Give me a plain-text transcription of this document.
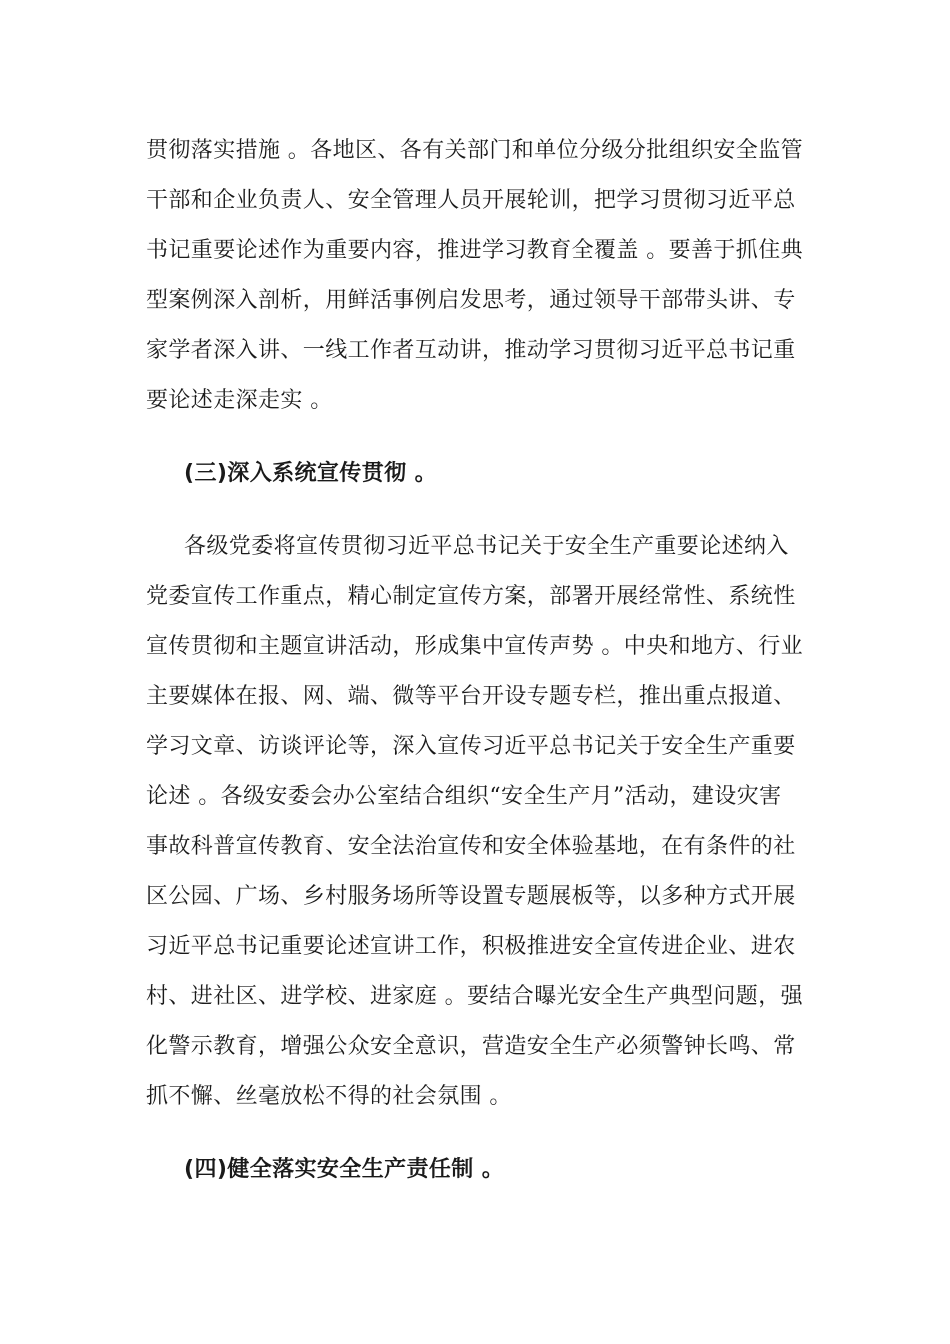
贯彻落实措施 。各地区、各有关部门和单位分级分批组织安全监管
干部和企业负责人、安全管理人员开展轮训，把学习贯彻习近平总
书记重要论述作为重要内容，推进学习教育全覆盖 。要善于抓住典
型案例深入剖析，用鲜活事例启发思考，通过领导干部带头讲、专
家学者深入讲、一线工作者互动讲，推动学习贯彻习近平总书记重
要论述走深走实 。
(三)深入系统宣传贯彻 。
各级党委将宣传贯彻习近平总书记关于安全生产重要论述纳入
党委宣传工作重点，精心制定宣传方案，部署开展经常性、系统性
宣传贯彻和主题宣讲活动，形成集中宣传声势 。中央和地方、行业
主要媒体在报、网、端、微等平台开设专题专栏，推出重点报道、
学习文章、访谈评论等，深入宣传习近平总书记关于安全生产重要
论述 。各级安委会办公室结合组织“安全生产月”活动，建设灾害
事故科普宣传教育、安全法治宣传和安全体验基地，在有条件的社
区公园、广场、乡村服务场所等设置专题展板等，以多种方式开展
习近平总书记重要论述宣讲工作，积极推进安全宣传进企业、进农
村、进社区、进学校、进家庭 。要结合曝光安全生产典型问题，强
化警示教育，增强公众安全意识，营造安全生产必须警钟长鸣、常
抓不懈、丝毫放松不得的社会氛围 。
(四)健全落实安全生产责任制 。
